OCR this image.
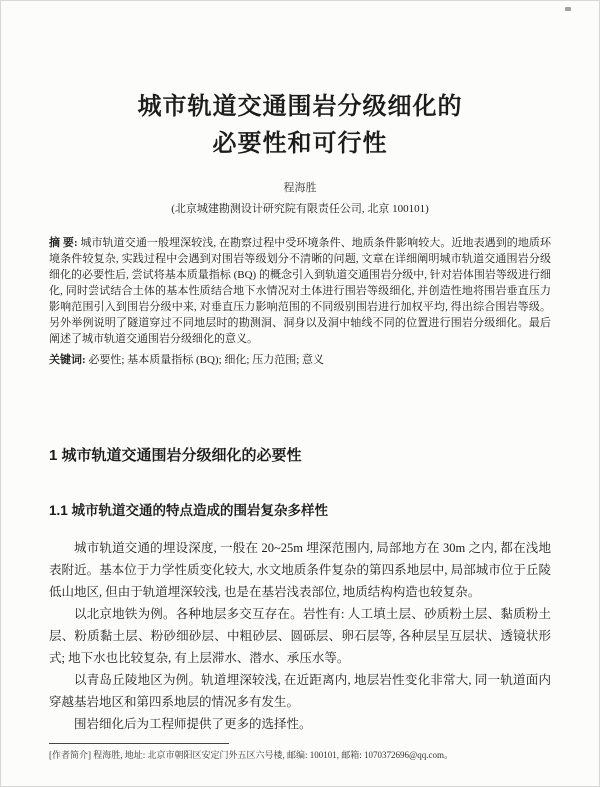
城市轨道交通围岩分级细化的
必要性和可行性
程海胜
(北京城建勘测设计研究院有限责任公司, 北京 100101)

摘 要: 城市轨道交通一般埋深较浅, 在勘察过程中受环境条件、地质条件影响较大。近地表遇到的地质环境条件较复杂, 实践过程中会遇到对围岩等级划分不清晰的问题, 文章在详细阐明城市轨道交通围岩分级细化的必要性后, 尝试将基本质量指标 (BQ) 的概念引入到轨道交通围岩分级中, 针对岩体围岩等级进行细化, 同时尝试结合土体的基本性质结合地下水情况对土体进行围岩等级细化, 并创造性地将围岩垂直压力影响范围引入到围岩分级中来, 对垂直压力影响范围的不同级别围岩进行加权平均, 得出综合围岩等级。另外举例说明了隧道穿过不同地层时的勘测洞、洞身以及洞中轴线不同的位置进行围岩分级细化。最后阐述了城市轨道交通围岩分级细化的意义。

关键词: 必要性; 基本质量指标 (BQ); 细化; 压力范围; 意义

1 城市轨道交通围岩分级细化的必要性
1.1 城市轨道交通的特点造成的围岩复杂多样性

城市轨道交通的埋设深度, 一般在 20~25m 埋深范围内, 局部地方在 30m 之内, 都在浅地表附近。基本位于力学性质变化较大, 水文地质条件复杂的第四系地层中, 局部城市位于丘陵低山地区, 但由于轨道埋深较浅, 也是在基岩浅表部位, 地质结构构造也较复杂。

以北京地铁为例。各种地层多交互存在。岩性有: 人工填土层、砂质粉土层、黏质粉土层、粉质黏土层、粉砂细砂层、中粗砂层、圆砾层、卵石层等, 各种层呈互层状、透镜状形式; 地下水也比较复杂, 有上层滞水、潜水、承压水等。

以青岛丘陵地区为例。轨道埋深较浅, 在近距离内, 地层岩性变化非常大, 同一轨道面内穿越基岩地区和第四系地层的情况多有发生。

围岩细化后为工程师提供了更多的选择性。

[作者简介] 程海胜, 地址: 北京市朝阳区安定门外五区六号楼, 邮编: 100101, 邮箱: 1070372696@qq.com。
